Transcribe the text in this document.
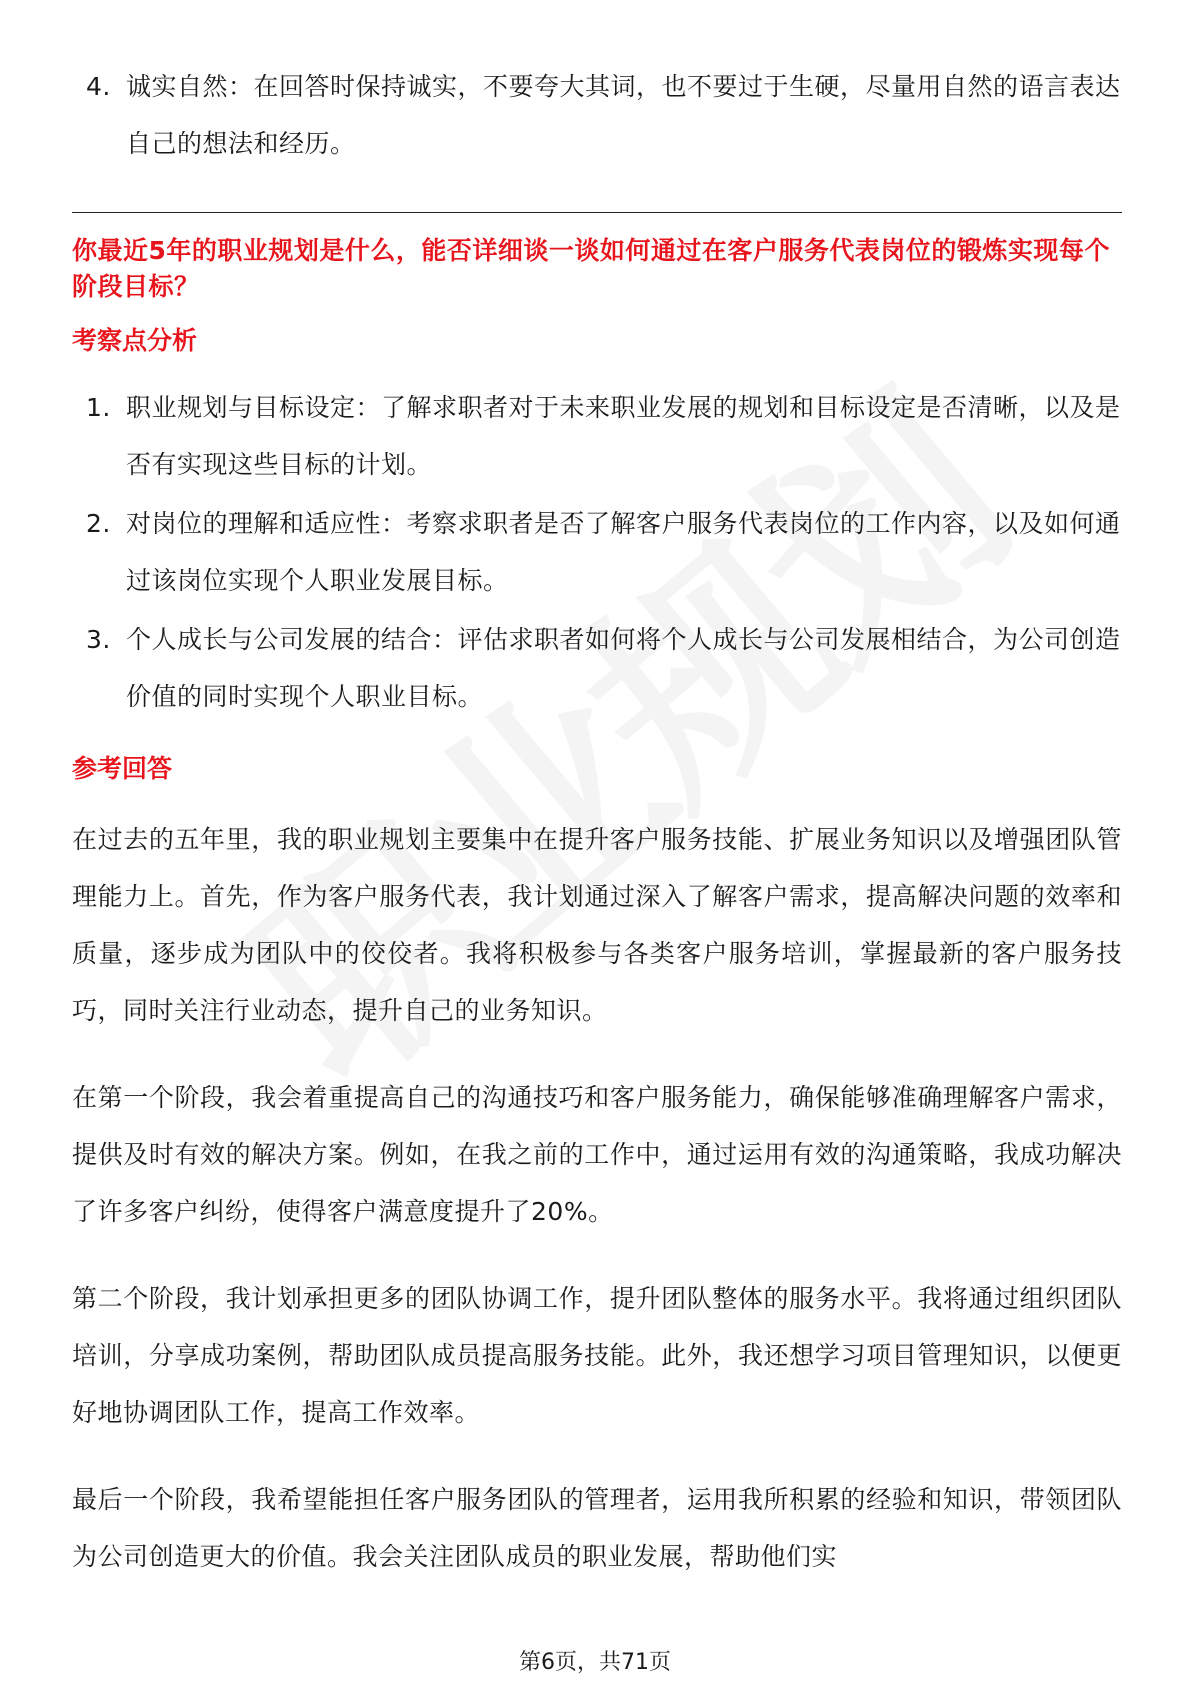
4. 诚实自然：在回答时保持诚实，不要夸大其词，也不要过于生硬，尽量用自然的语言表达自己的想法和经历。

你最近5年的职业规划是什么，能否详细谈一谈如何通过在客户服务代表岗位的锻炼实现每个阶段目标？

考察点分析

1. 职业规划与目标设定：了解求职者对于未来职业发展的规划和目标设定是否清晰，以及是否有实现这些目标的计划。
2. 对岗位的理解和适应性：考察求职者是否了解客户服务代表岗位的工作内容，以及如何通过该岗位实现个人职业发展目标。
3. 个人成长与公司发展的结合：评估求职者如何将个人成长与公司发展相结合，为公司创造价值的同时实现个人职业目标。

参考回答

在过去的五年里，我的职业规划主要集中在提升客户服务技能、扩展业务知识以及增强团队管理能力上。首先，作为客户服务代表，我计划通过深入了解客户需求，提高解决问题的效率和质量，逐步成为团队中的佼佼者。我将积极参与各类客户服务培训，掌握最新的客户服务技巧，同时关注行业动态，提升自己的业务知识。

在第一个阶段，我会着重提高自己的沟通技巧和客户服务能力，确保能够准确理解客户需求，提供及时有效的解决方案。例如，在我之前的工作中，通过运用有效的沟通策略，我成功解决了许多客户纠纷，使得客户满意度提升了20%。

第二个阶段，我计划承担更多的团队协调工作，提升团队整体的服务水平。我将通过组织团队培训，分享成功案例，帮助团队成员提高服务技能。此外，我还想学习项目管理知识，以便更好地协调团队工作，提高工作效率。

最后一个阶段，我希望能担任客户服务团队的管理者，运用我所积累的经验和知识，带领团队为公司创造更大的价值。我会关注团队成员的职业发展，帮助他们实

第6页，共71页
